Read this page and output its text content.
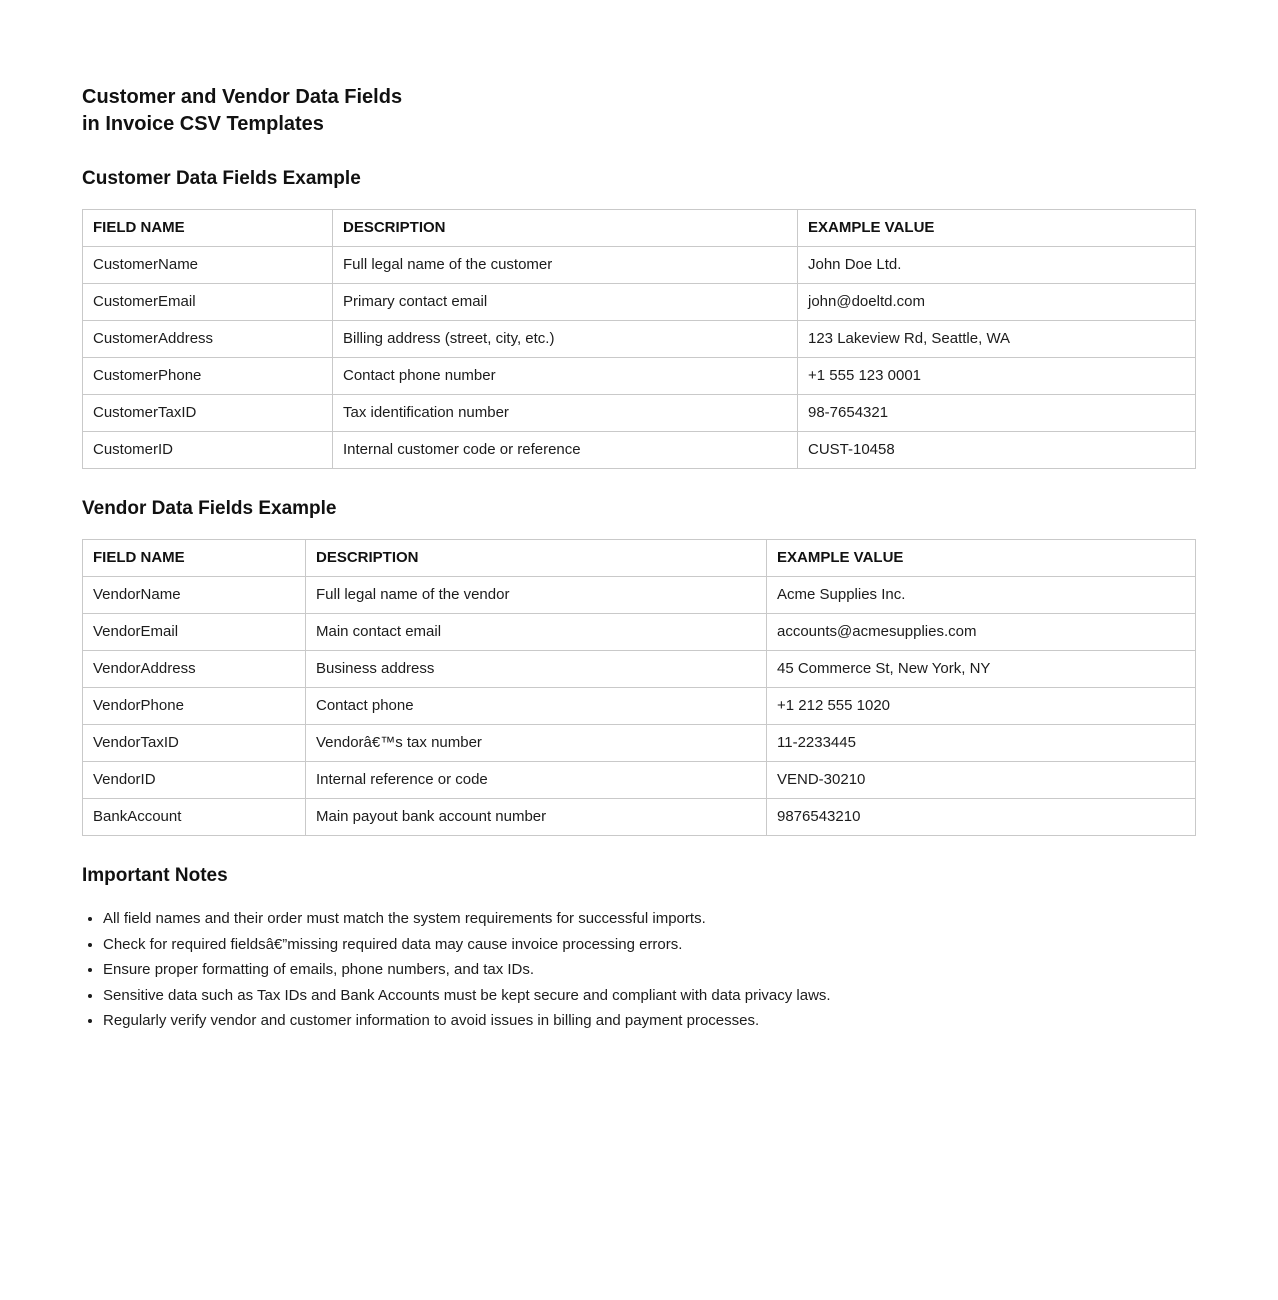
Customer and Vendor Data Fields
in Invoice CSV Templates
Customer Data Fields Example
FIELD NAME	DESCRIPTION	EXAMPLE VALUE
CustomerName	Full legal name of the customer	John Doe Ltd.
CustomerEmail	Primary contact email	john@doeltd.com
CustomerAddress	Billing address (street, city, etc.)	123 Lakeview Rd, Seattle, WA
CustomerPhone	Contact phone number	+1 555 123 0001
CustomerTaxID	Tax identification number	98-7654321
CustomerID	Internal customer code or reference	CUST-10458
Vendor Data Fields Example
FIELD NAME	DESCRIPTION	EXAMPLE VALUE
VendorName	Full legal name of the vendor	Acme Supplies Inc.
VendorEmail	Main contact email	accounts@acmesupplies.com
VendorAddress	Business address	45 Commerce St, New York, NY
VendorPhone	Contact phone	+1 212 555 1020
VendorTaxID	Vendorâ€™s tax number	11-2233445
VendorID	Internal reference or code	VEND-30210
BankAccount	Main payout bank account number	9876543210
Important Notes
• All field names and their order must match the system requirements for successful imports.
• Check for required fieldsâ€”missing required data may cause invoice processing errors.
• Ensure proper formatting of emails, phone numbers, and tax IDs.
• Sensitive data such as Tax IDs and Bank Accounts must be kept secure and compliant with data privacy laws.
• Regularly verify vendor and customer information to avoid issues in billing and payment processes.
